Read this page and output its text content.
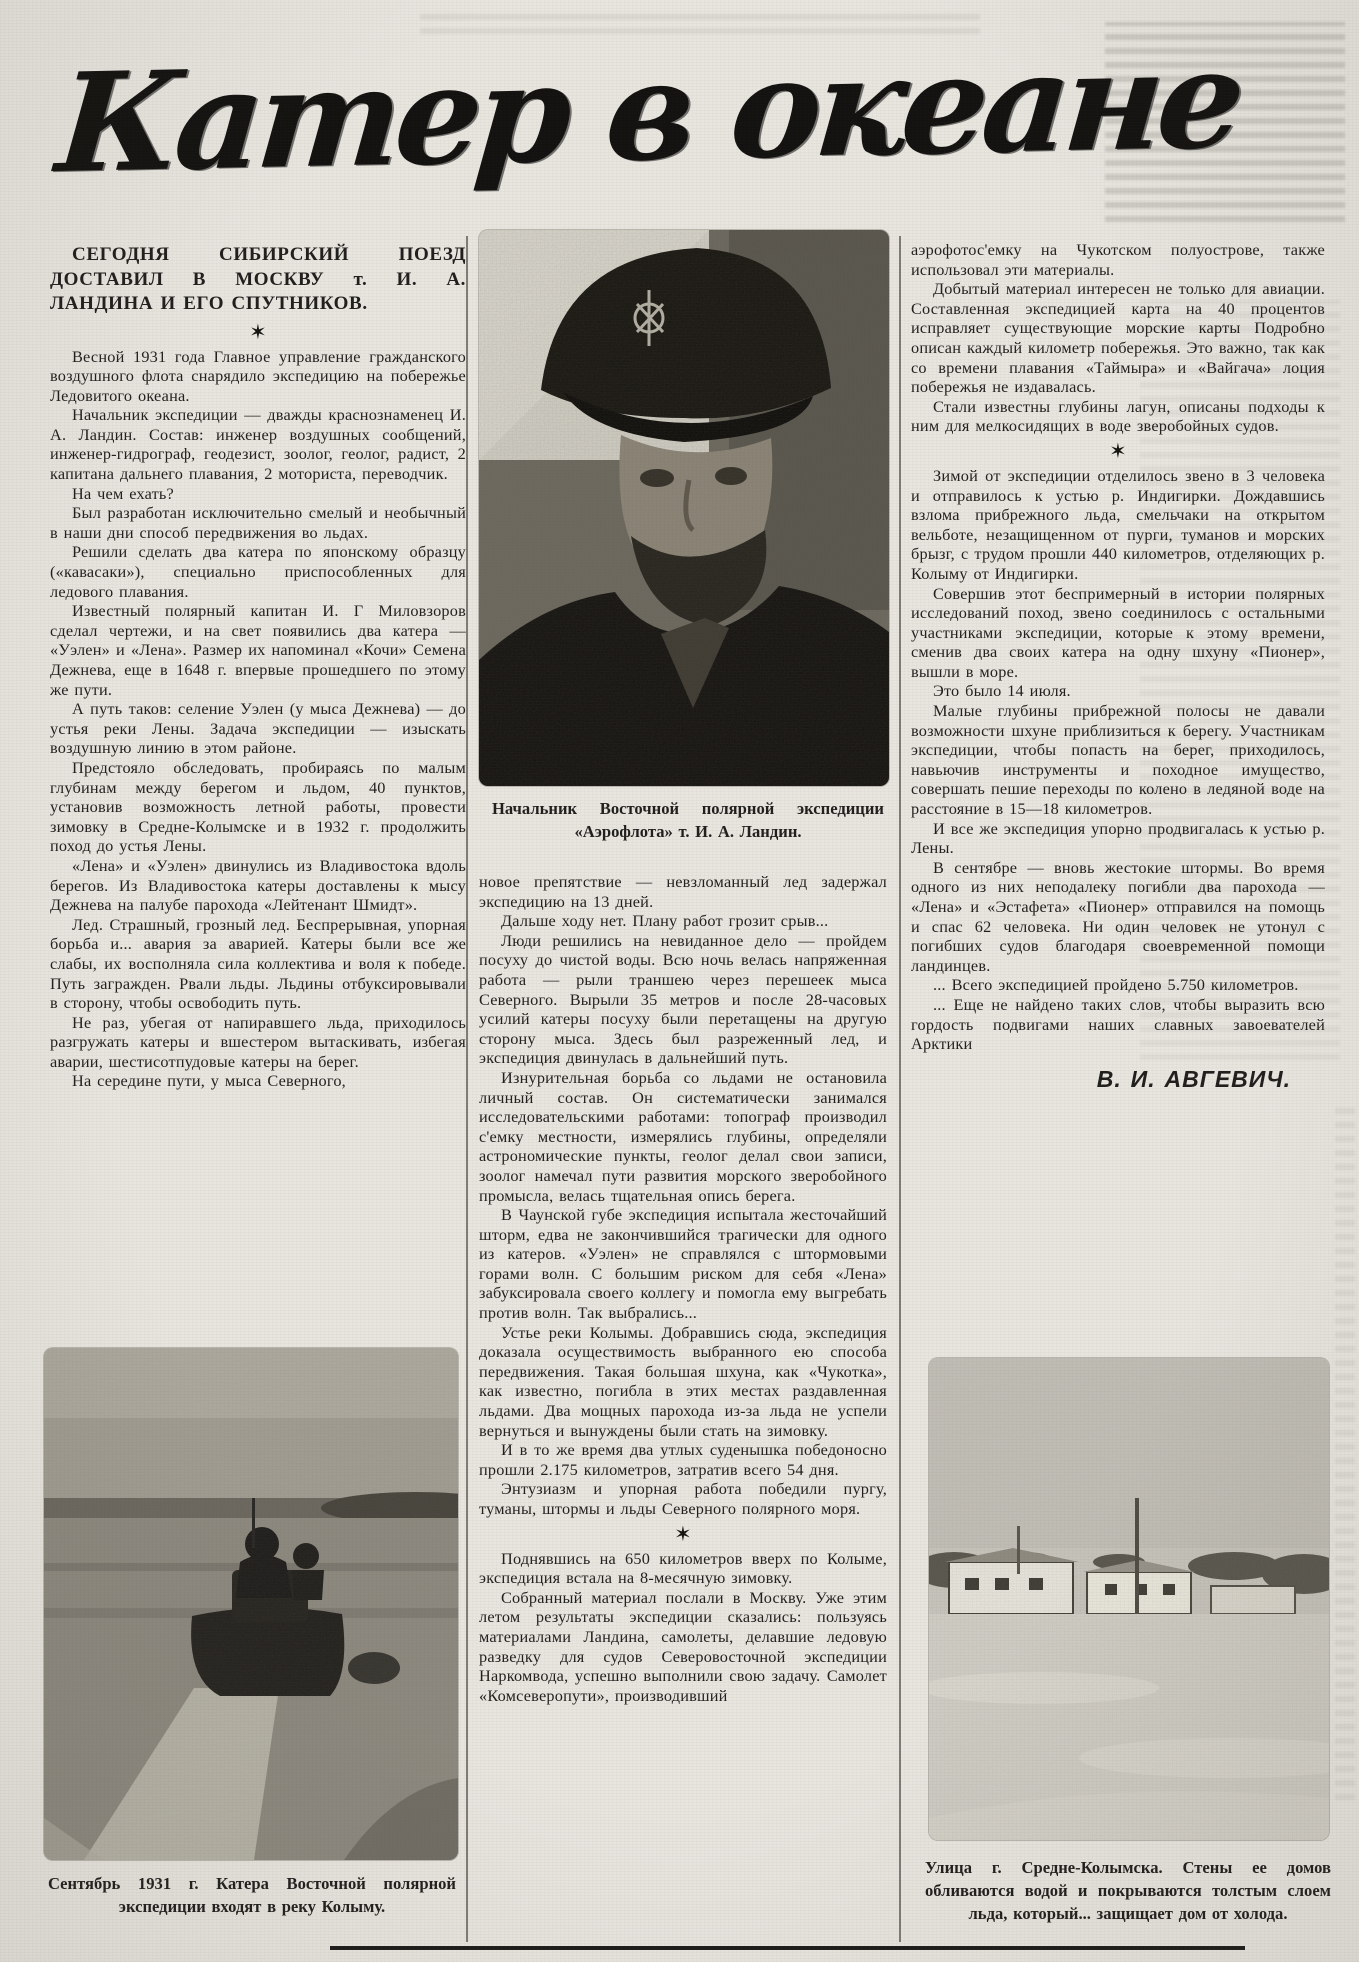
Катер в океане

СЕГОДНЯ СИБИРСКИЙ ПОЕЗД ДОСТАВИЛ В МОСКВУ т. И. А. ЛАНДИНА И ЕГО СПУТНИКОВ.

✶

Весной 1931 года Главное управление гражданского воздушного флота снарядило экспедицию на побережье Ледовитого океана.

Начальник экспедиции — дважды краснознаменец И. А. Ландин. Состав: инженер воздушных сообщений, инженер-гидрограф, геодезист, зоолог, геолог, радист, 2 капитана дальнего плавания, 2 моториста, переводчик.

На чем ехать?

Был разработан исключительно смелый и необычный в наши дни способ передвижения во льдах.

Решили сделать два катера по японскому образцу («кавасаки»), специально приспособленных для ледового плавания.

Известный полярный капитан И. Г Миловзоров сделал чертежи, и на свет появились два катера — «Уэлен» и «Лена». Размер их напоминал «Кочи» Семена Дежнева, еще в 1648 г. впервые прошедшего по этому же пути.

А путь таков: селение Уэлен (у мыса Дежнева) — до устья реки Лены. Задача экспедиции — изыскать воздушную линию в этом районе.

Предстояло обследовать, пробираясь по малым глубинам между берегом и льдом, 40 пунктов, установив возможность летной работы, провести зимовку в Средне-Колымске и в 1932 г. продолжить поход до устья Лены.

«Лена» и «Уэлен» двинулись из Владивостока вдоль берегов. Из Владивостока катеры доставлены к мысу Дежнева на палубе парохода «Лейтенант Шмидт».

Лед. Страшный, грозный лед. Беспрерывная, упорная борьба и... авария за аварией. Катеры были все же слабы, их восполняла сила коллектива и воля к победе. Путь загражден. Рвали льды. Льдины отбуксировывали в сторону, чтобы освободить путь.

Не раз, убегая от напиравшего льда, приходилось разгружать катеры и вшестером вытаскивать, избегая аварии, шестисотпудовые катеры на берег.

На середине пути, у мыса Северного,

Сентябрь 1931 г. Катера Восточной полярной экспедиции входят в реку Колыму.
Начальник Восточной полярной экспедиции «Аэрофлота» т. И. А. Ландин.

новое препятствие — невзломанный лед задержал экспедицию на 13 дней.

Дальше ходу нет. Плану работ грозит срыв...

Люди решились на невиданное дело — пройдем посуху до чистой воды. Всю ночь велась напряженная работа — рыли траншею через перешеек мыса Северного. Вырыли 35 метров и после 28-часовых усилий катеры посуху были перетащены на другую сторону мыса. Здесь был разреженный лед, и экспедиция двинулась в дальнейший путь.

Изнурительная борьба со льдами не остановила личный состав. Он систематически занимался исследовательскими работами: топограф производил с'емку местности, измерялись глубины, определяли астрономические пункты, геолог делал свои записи, зоолог намечал пути развития морского зверобойного промысла, велась тщательная опись берега.

В Чаунской губе экспедиция испытала жесточайший шторм, едва не закончившийся трагически для одного из катеров. «Уэлен» не справлялся с штормовыми горами волн. С большим риском для себя «Лена» забуксировала своего коллегу и помогла ему выгребать против волн. Так выбрались...

Устье реки Колымы. Добравшись сюда, экспедиция доказала осуществимость выбранного ею способа передвижения. Такая большая шхуна, как «Чукотка», как известно, погибла в этих местах раздавленная льдами. Два мощных парохода из-за льда не успели вернуться и вынуждены были стать на зимовку.

И в то же время два утлых суденышка победоносно прошли 2.175 километров, затратив всего 54 дня.

Энтузиазм и упорная работа победили пургу, туманы, штормы и льды Северного полярного моря.

✶

Поднявшись на 650 километров вверх по Колыме, экспедиция встала на 8-месячную зимовку.

Собранный материал послали в Москву. Уже этим летом результаты экспедиции сказались: пользуясь материалами Ландина, самолеты, делавшие ледовую разведку для судов Северовосточной экспедиции Наркомвода, успешно выполнили свою задачу. Самолет «Комсеверопути», производивший

аэрофотос'емку на Чукотском полуострове, также использовал эти материалы.

Добытый материал интересен не только для авиации. Составленная экспедицией карта на 40 процентов исправляет существующие морские карты Подробно описан каждый километр побережья. Это важно, так как со времени плавания «Таймыра» и «Вайгача» лоция побережья не издавалась.

Стали известны глубины лагун, описаны подходы к ним для мелкосидящих в воде зверобойных судов.

✶

Зимой от экспедиции отделилось звено в 3 человека и отправилось к устью р. Индигирки. Дождавшись взлома прибрежного льда, смельчаки на открытом вельботе, незащищенном от пурги, туманов и морских брызг, с трудом прошли 440 километров, отделяющих р. Колыму от Индигирки.

Совершив этот беспримерный в истории полярных исследований поход, звено соединилось с остальными участниками экспедиции, которые к этому времени, сменив два своих катера на одну шхуну «Пионер», вышли в море.

Это было 14 июля.

Малые глубины прибрежной полосы не давали возможности шхуне приблизиться к берегу. Участникам экспедиции, чтобы попасть на берег, приходилось, навьючив инструменты и походное имущество, совершать пешие переходы по колено в ледяной воде на расстояние в 15—18 километров.

И все же экспедиция упорно продвигалась к устью р. Лены.

В сентябре — вновь жестокие штормы. Во время одного из них неподалеку погибли два парохода — «Лена» и «Эстафета» «Пионер» отправился на помощь и спас 62 человека. Ни один человек не утонул с погибших судов благодаря своевременной помощи ландинцев.

... Всего экспедицией пройдено 5.750 километров.

... Еще не найдено таких слов, чтобы выразить всю гордость подвигами наших славных завоевателей Арктики

В. И. АВГЕВИЧ.
Улица г. Средне-Колымска. Стены ее домов обливаются водой и покрываются толстым слоем льда, который... защищает дом от холода.
